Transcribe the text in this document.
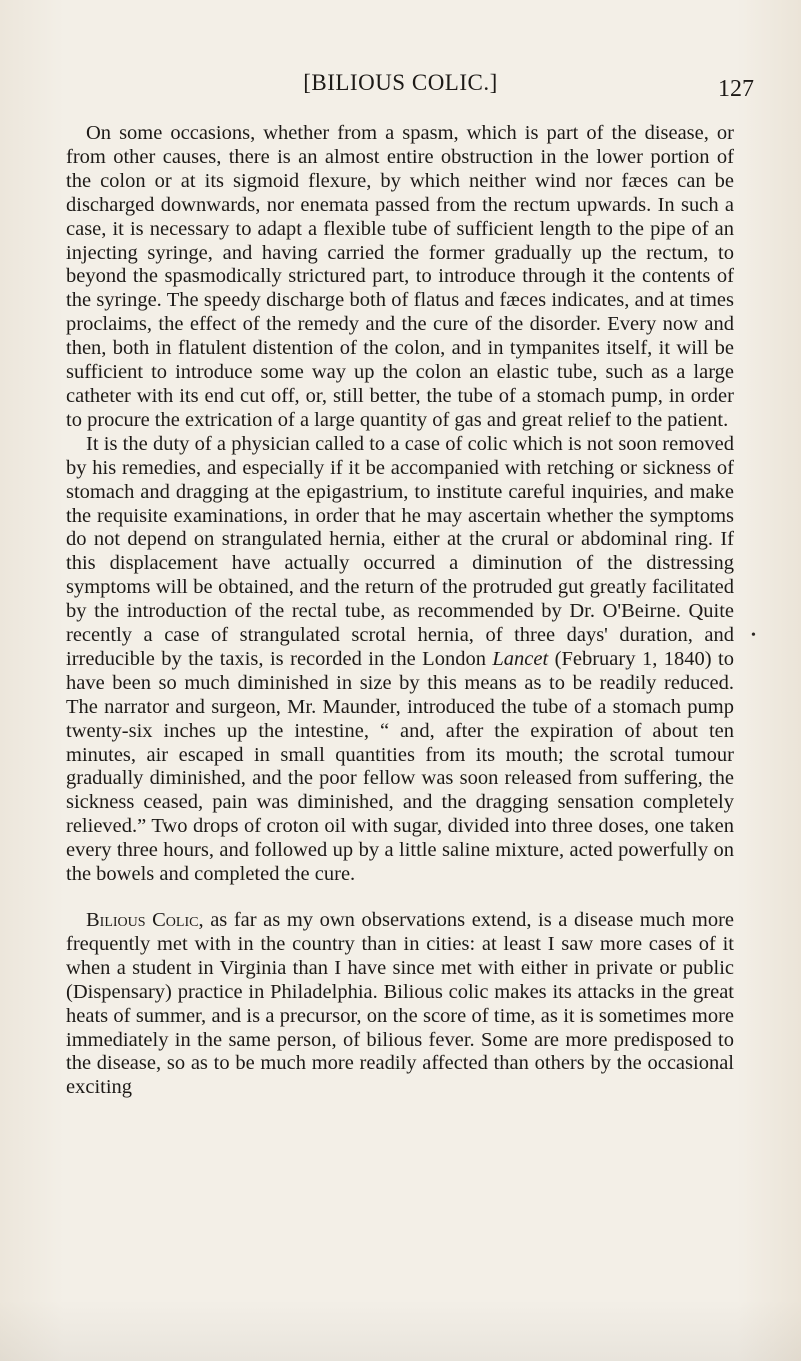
[BILIOUS COLIC.]	127

On some occasions, whether from a spasm, which is part of the disease, or from other causes, there is an almost entire obstruction in the lower portion of the colon or at its sigmoid flexure, by which neither wind nor fæces can be discharged downwards, nor enemata passed from the rectum upwards. In such a case, it is necessary to adapt a flexible tube of sufficient length to the pipe of an injecting syringe, and having carried the former gradually up the rectum, to beyond the spasmodically strictured part, to introduce through it the contents of the syringe. The speedy discharge both of flatus and fæces indicates, and at times proclaims, the effect of the remedy and the cure of the disorder. Every now and then, both in flatulent distention of the colon, and in tympanites itself, it will be sufficient to introduce some way up the colon an elastic tube, such as a large catheter with its end cut off, or, still better, the tube of a stomach pump, in order to procure the extrication of a large quantity of gas and great relief to the patient.

It is the duty of a physician called to a case of colic which is not soon removed by his remedies, and especially if it be accompanied with retching or sickness of stomach and dragging at the epigastrium, to institute careful inquiries, and make the requisite examinations, in order that he may ascertain whether the symptoms do not depend on strangulated hernia, either at the crural or abdominal ring. If this displacement have actually occurred a diminution of the distressing symptoms will be obtained, and the return of the protruded gut greatly facilitated by the introduction of the rectal tube, as recommended by Dr. O'Beirne. Quite recently a case of strangulated scrotal hernia, of three days' duration, and irreducible by the taxis, is recorded in the London Lancet (February 1, 1840) to have been so much diminished in size by this means as to be readily reduced. The narrator and surgeon, Mr. Maunder, introduced the tube of a stomach pump twenty-six inches up the intestine, “ and, after the expiration of about ten minutes, air escaped in small quantities from its mouth; the scrotal tumour gradually diminished, and the poor fellow was soon released from suffering, the sickness ceased, pain was diminished, and the dragging sensation completely relieved.” Two drops of croton oil with sugar, divided into three doses, one taken every three hours, and followed up by a little saline mixture, acted powerfully on the bowels and completed the cure.

Bilious Colic, as far as my own observations extend, is a disease much more frequently met with in the country than in cities: at least I saw more cases of it when a student in Virginia than I have since met with either in private or public (Dispensary) practice in Philadelphia. Bilious colic makes its attacks in the great heats of summer, and is a precursor, on the score of time, as it is sometimes more immediately in the same person, of bilious fever. Some are more predisposed to the disease, so as to be much more readily affected than others by the occasional exciting

•
